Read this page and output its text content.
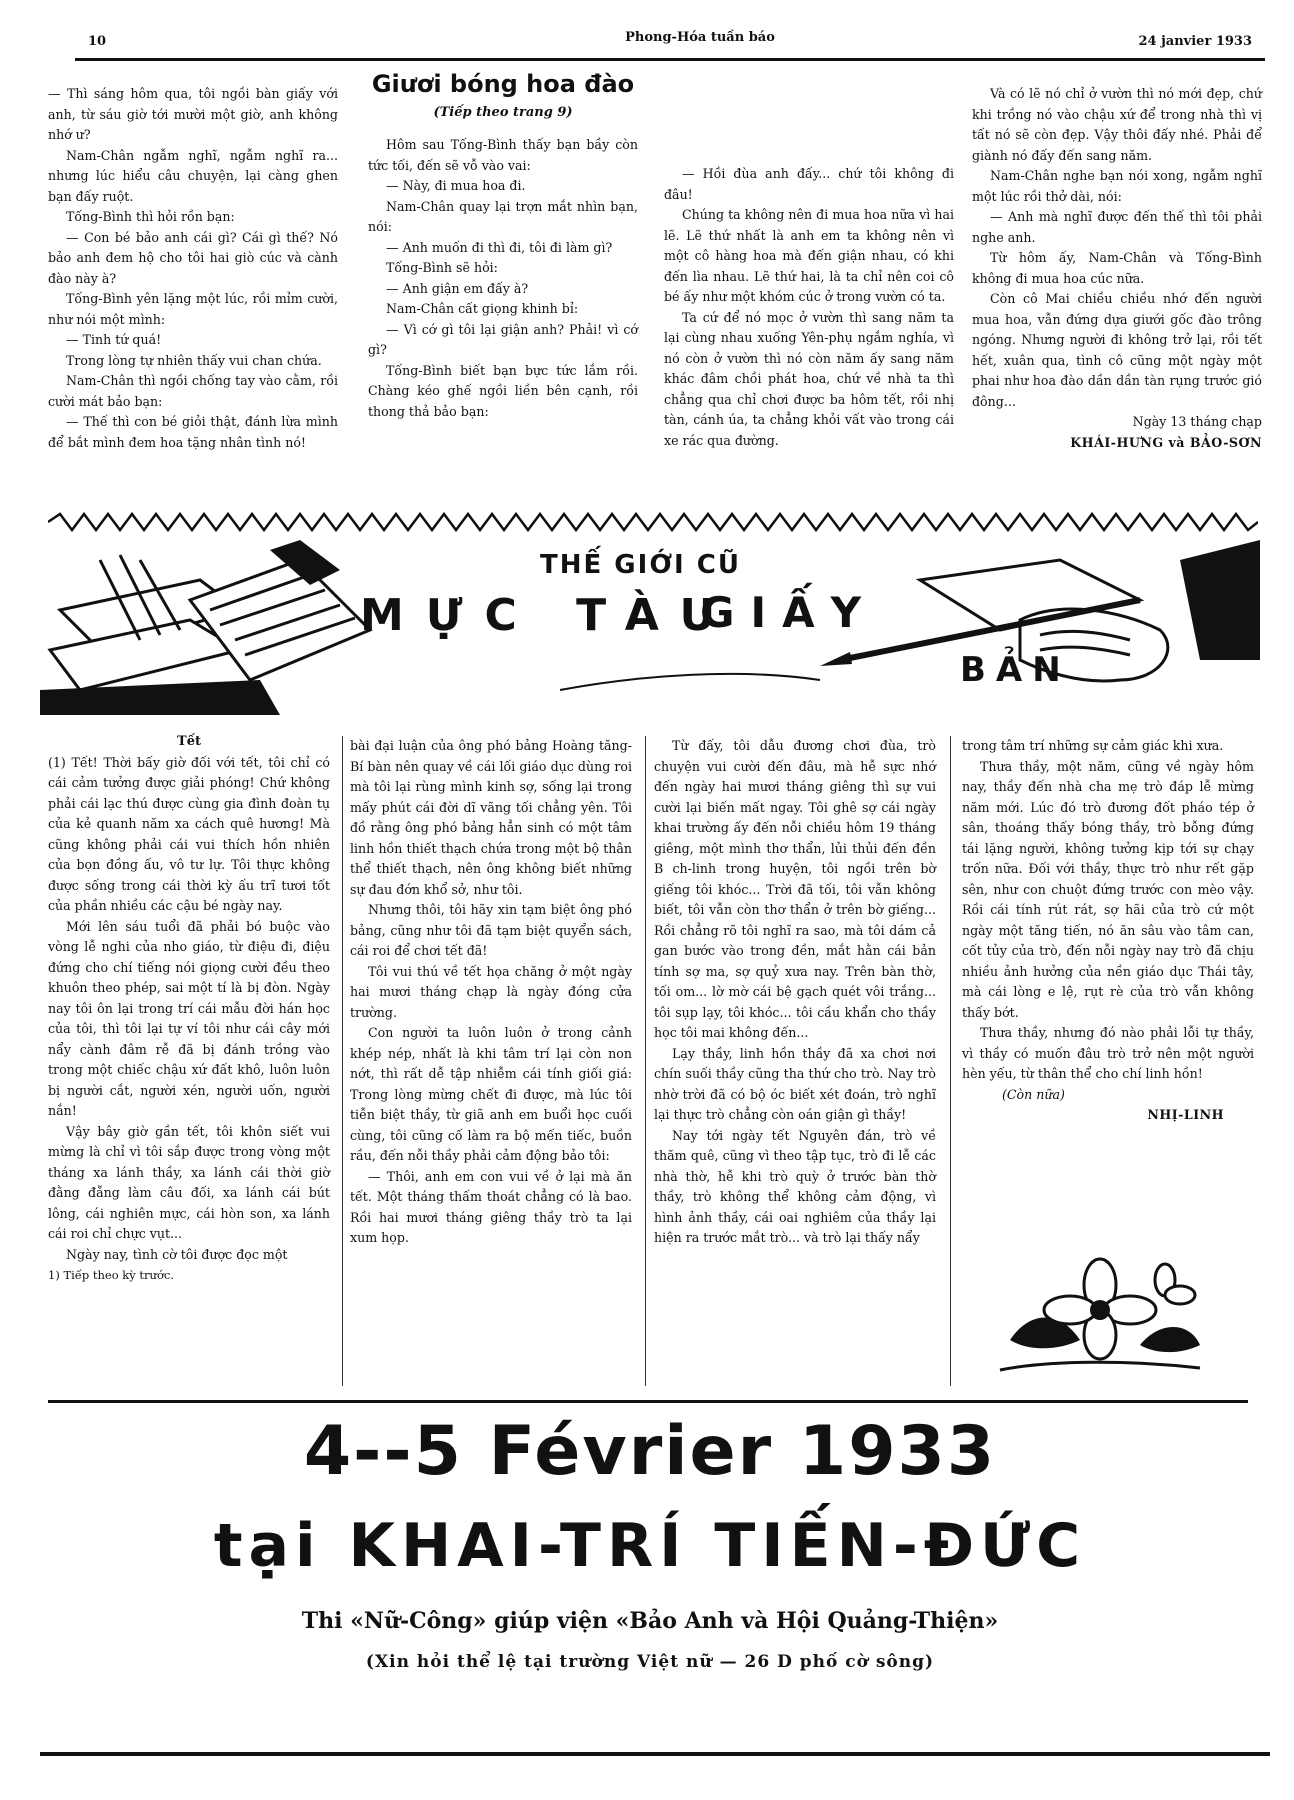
10	Phong-Hóa tuần báo	24 janvier 1933

— Thì sáng hôm qua, tôi ngồi bàn giấy với anh, từ sáu giờ tới mười một giờ, anh không nhớ ư?

Nam-Chân ngẫm nghĩ, ngẫm nghĩ ra... nhưng lúc hiểu câu chuyện, lại càng ghen bạn đấy ruột.

Tống-Bình thì hỏi rồn bạn:

— Con bé bảo anh cái gì? Cái gì thế? Nó bảo anh đem hộ cho tôi hai giò cúc và cành đào này à?

Tống-Bình yên lặng một lúc, rồi mỉm cười, như nói một mình:

— Tinh tứ quá!

Trong lòng tự nhiên thấy vui chan chứa.

Nam-Chân thì ngồi chống tay vào cằm, rồi cười mát bảo bạn:

— Thế thì con bé giỏi thật, đánh lừa mình để bắt mình đem hoa tặng nhân tình nó!

Giươi bóng hoa đào
(Tiếp theo trang 9)

Hôm sau Tống-Bình thấy bạn bầy còn tức tối, đến sẽ vỗ vào vai:

— Này, đi mua hoa đi.

Nam-Chân quay lại trợn mắt nhìn bạn, nói:

— Anh muốn đi thì đi, tôi đi làm gì?

Tống-Bình sẽ hỏi:

— Anh giận em đấy à?

Nam-Chân cất giọng khinh bỉ:

— Vì cớ gì tôi lại giận anh? Phải! vì cớ gì?

Tống-Bình biết bạn bực tức lắm rồi. Chàng kéo ghế ngồi liền bên cạnh, rồi thong thả bảo bạn:

— Hồi đùa anh đấy... chứ tôi không đi đâu!

Chúng ta không nên đi mua hoa nữa vì hai lẽ. Lẽ thứ nhất là anh em ta không nên vì một cô hàng hoa mà đến giận nhau, có khi đến lìa nhau. Lẽ thứ hai, là ta chỉ nên coi cô bé ấy như một khóm cúc ở trong vườn có ta.

Ta cứ để nó mọc ở vườn thì sang năm ta lại cùng nhau xuống Yên-phụ ngắm nghía, vì nó còn ở vườn thì nó còn năm ấy sang năm khác đâm chồi phát hoa, chứ về nhà ta thì chẳng qua chỉ chơi được ba hôm tết, rồi nhị tàn, cánh úa, ta chẳng khỏi vất vào trong cái xe rác qua đường.

Và có lẽ nó chỉ ở vườn thì nó mới đẹp, chứ khi trồng nó vào chậu xứ để trong nhà thì vị tất nó sẽ còn đẹp. Vậy thôi đấy nhé. Phải để giành nó đấy đến sang năm.

Nam-Chân nghe bạn nói xong, ngẫm nghĩ một lúc rồi thở dài, nói:

— Anh mà nghĩ được đến thế thì tôi phải nghe anh.

Từ hôm ấy, Nam-Chân và Tống-Bình không đi mua hoa cúc nữa.

Còn cô Mai chiều chiều nhớ đến người mua hoa, vẫn đứng dựa giưới gốc đào trông ngóng. Nhưng người đi không trở lại, rồi tết hết, xuân qua, tình cô cũng một ngày một phai như hoa đào dần dần tàn rụng trước gió đông...

Ngày 13 tháng chạp

KHÁI-HƯNG và BẢO-SƠN

THẾ GIỚI CŨ
MỰC TÀU
GIẤY
BẢN

Tết

(1) Tết! Thời bấy giờ đối với tết, tôi chỉ có cái cảm tưởng được giải phóng! Chứ không phải cái lạc thú được cùng gia đình đoàn tụ của kẻ quanh năm xa cách quê hương! Mà cũng không phải cái vui thích hồn nhiên của bọn đồng ấu, vô tư lự. Tôi thực không được sống trong cái thời kỳ ấu trĩ tươi tốt của phần nhiều các cậu bé ngày nay.

Mới lên sáu tuổi đã phải bó buộc vào vòng lễ nghi của nho giáo, từ điệu đi, điệu đứng cho chí tiếng nói giọng cười đều theo khuôn theo phép, sai một tí là bị đòn. Ngày nay tôi ôn lại trong trí cái mẫu đời hán học của tôi, thì tôi lại tự ví tôi như cái cây mới nẩy cành đâm rễ đã bị đánh trồng vào trong một chiếc chậu xứ đất khô, luôn luôn bị người cắt, người xén, người uốn, người nắn!

Vậy bây giờ gần tết, tôi khôn siết vui mừng là chỉ vì tôi sắp được trong vòng một tháng xa lánh thầy, xa lánh cái thời giờ đằng đẵng làm câu đối, xa lánh cái bút lông, cái nghiên mực, cái hòn son, xa lánh cái roi chỉ chực vụt...

Ngày nay, tình cờ tôi được đọc một

1) Tiếp theo kỳ trước.

bài đại luận của ông phó bảng Hoàng tăng-Bí bàn nên quay về cái lối giáo dục dùng roi mà tôi lại rùng mình kinh sợ, sống lại trong mấy phút cái đời dĩ vãng tối chẳng yên. Tôi đồ rằng ông phó bảng hẳn sinh có một tâm linh hồn thiết thạch chứa trong một bộ thân thể thiết thạch, nên ông không biết những sự đau đớn khổ sở, như tôi.

Nhưng thôi, tôi hãy xin tạm biệt ông phó bảng, cũng như tôi đã tạm biệt quyển sách, cái roi để chơi tết đã!

Tôi vui thú về tết họa chăng ở một ngày hai mươi tháng chạp là ngày đóng cửa trường.

Con người ta luôn luôn ở trong cảnh khép nép, nhất là khi tâm trí lại còn non nớt, thì rất dễ tập nhiễm cái tính giối giá: Trong lòng mừng chết đi được, mà lúc tôi tiễn biệt thầy, từ giã anh em buổi học cuối cùng, tôi cũng cố làm ra bộ mến tiếc, buồn rầu, đến nỗi thầy phải cảm động bảo tôi:

— Thôi, anh em con vui về ở lại mà ăn tết. Một tháng thấm thoát chẳng có là bao. Rồi hai mươi tháng giêng thầy trò ta lại xum họp.

Từ đấy, tôi dẫu đương chơi đùa, trò chuyện vui cười đến đâu, mà hễ sực nhớ đến ngày hai mươi tháng giêng thì sự vui cười lại biến mất ngay. Tôi ghê sợ cái ngày khai trường ấy đến nỗi chiều hôm 19 tháng giêng, một mình thơ thẩn, lủi thủi đến đền B ch-linh trong huyện, tôi ngồi trên bờ giếng tôi khóc... Trời đã tối, tôi vẫn không biết, tôi vẫn còn thơ thẩn ở trên bờ giếng... Rồi chẳng rõ tôi nghĩ ra sao, mà tôi dám cả gan bước vào trong đền, mắt hằn cái bản tính sợ ma, sợ quỷ xưa nay. Trên bàn thờ, tối om... lờ mờ cái bệ gạch quét vôi trắng... tôi sụp lạy, tôi khóc... tôi cầu khẩn cho thầy học tôi mai không đến...

Lạy thầy, linh hồn thầy đã xa chơi nơi chín suối thầy cũng tha thứ cho trò. Nay trò nhờ trời đã có bộ óc biết xét đoán, trò nghĩ lại thực trò chẳng còn oán giận gì thầy!

Nay tới ngày tết Nguyên đán, trò về thăm quê, cũng vì theo tập tục, trò đi lễ các nhà thờ, hễ khi trò quỳ ở trước bàn thờ thầy, trò không thể không cảm động, vì hình ảnh thầy, cái oai nghiêm của thầy lại hiện ra trước mắt trò... và trò lại thấy nẩy

trong tâm trí những sự cảm giác khi xưa.

Thưa thầy, một năm, cũng về ngày hôm nay, thầy đến nhà cha mẹ trò đáp lễ mừng năm mới. Lúc đó trò đương đốt pháo tép ở sân, thoáng thấy bóng thầy, trò bỗng đứng tái lặng người, không tưởng kịp tới sự chạy trốn nữa. Đối với thầy, thực trò như rết gặp sên, như con chuột đứng trước con mèo vậy. Rồi cái tính rút rát, sợ hãi của trò cứ một ngày một tăng tiến, nó ăn sâu vào tâm can, cốt tủy của trò, đến nỗi ngày nay trò đã chịu nhiều ảnh hưởng của nền giáo dục Thái tây, mà cái lòng e lệ, rụt rè của trò vẫn không thấy bớt.

Thưa thầy, nhưng đó nào phải lỗi tự thầy, vì thầy có muốn đâu trò trở nên một người hèn yếu, từ thân thể cho chí linh hồn!

(Còn nữa)

NHỊ-LINH

4--5 Février 1933
tại KHAI-TRÍ TIẾN-ĐỨC
Thi «Nữ-Công» giúp viện «Bảo Anh và Hội Quảng-Thiện»
(Xin hỏi thể lệ tại trường Việt nữ — 26 D phố cờ sông)
